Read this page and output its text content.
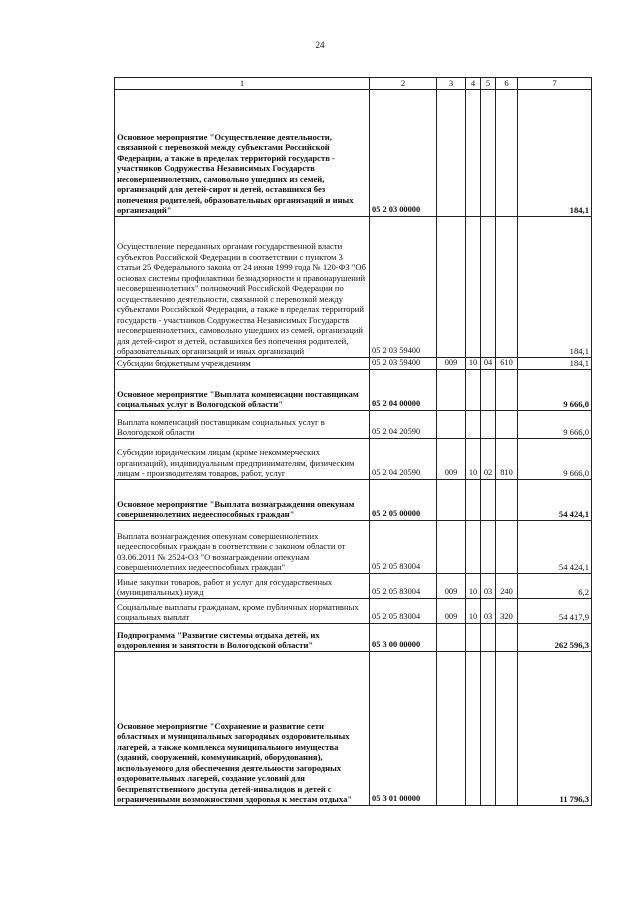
24
1	2	3	4	5	6	7
Основное мероприятие "Осуществление деятельности, связанной с перевозкой между субъектами Российской Федерации, а также в пределах территорий государств - участников Содружества Независимых Государств несовершеннолетних, самовольно ушедших из семей, организаций для детей-сирот и детей, оставшихся без попечения родителей, образовательных организаций и иных организаций"	05 2 03 00000					184,1
Осуществление переданных органам государственной власти субъектов Российской Федерации в соответствии с пунктом 3 статьи 25 Федерального закона от 24 июня 1999 года № 120-ФЗ "Об основах системы профилактики безнадзорности и правонарушений несовершеннолетних" полномочий Российской Федерации по осуществлению деятельности, связанной с перевозкой между субъектами Российской Федерации, а также в пределах территорий государств - участников Содружества Независимых Государств несовершеннолетних, самовольно ушедших из семей, организаций для детей-сирот и детей, оставшихся без попечения родителей, образовательных организаций и иных организаций	05 2 03 59400					184,1
Субсидии бюджетным учреждениям	05 2 03 59400	009	10	04	610	184,1
Основное мероприятие "Выплата компенсации поставщикам социальных услуг в Вологодской области"	05 2 04 00000					9 666,0
Выплата компенсаций поставщикам социальных услуг в Вологодской области	05 2 04 20590					9 666,0
Субсидии юридическим лицам (кроме некоммерческих организаций), индивидуальным предпринимателям, физическим лицам - производителям товаров, работ, услуг	05 2 04 20590	009	10	02	810	9 666,0
Основное мероприятие "Выплата вознаграждения опекунам совершеннолетних недееспособных граждан"	05 2 05 00000					54 424,1
Выплата вознаграждения опекунам совершеннолетних недееспособных граждан в соответствии с законом области от 03.06.2011 № 2524-ОЗ "О вознаграждении опекунам совершеннолетних недееспособных граждан"	05 2 05 83004					54 424,1
Иные закупки товаров, работ и услуг для государственных (муниципальных) нужд	05 2 05 83004	009	10	03	240	6,2
Социальные выплаты гражданам, кроме публичных нормативных социальных выплат	05 2 05 83004	009	10	03	320	54 417,9
Подпрограмма "Развитие системы отдыха детей, их оздоровления и занятости в Вологодской области"	05 3 00 00000					262 596,3
Основное мероприятие "Сохранение и развитие сети областных и муниципальных загородных оздоровительных лагерей, а также комплекса муниципального имущества (зданий, сооружений, коммуникаций, оборудования), используемого для обеспечения деятельности загородных оздоровительных лагерей, создание условий для беспрепятственного доступа детей-инвалидов и детей с ограниченными возможностями здоровья к местам отдыха"	05 3 01 00000					11 796,3
